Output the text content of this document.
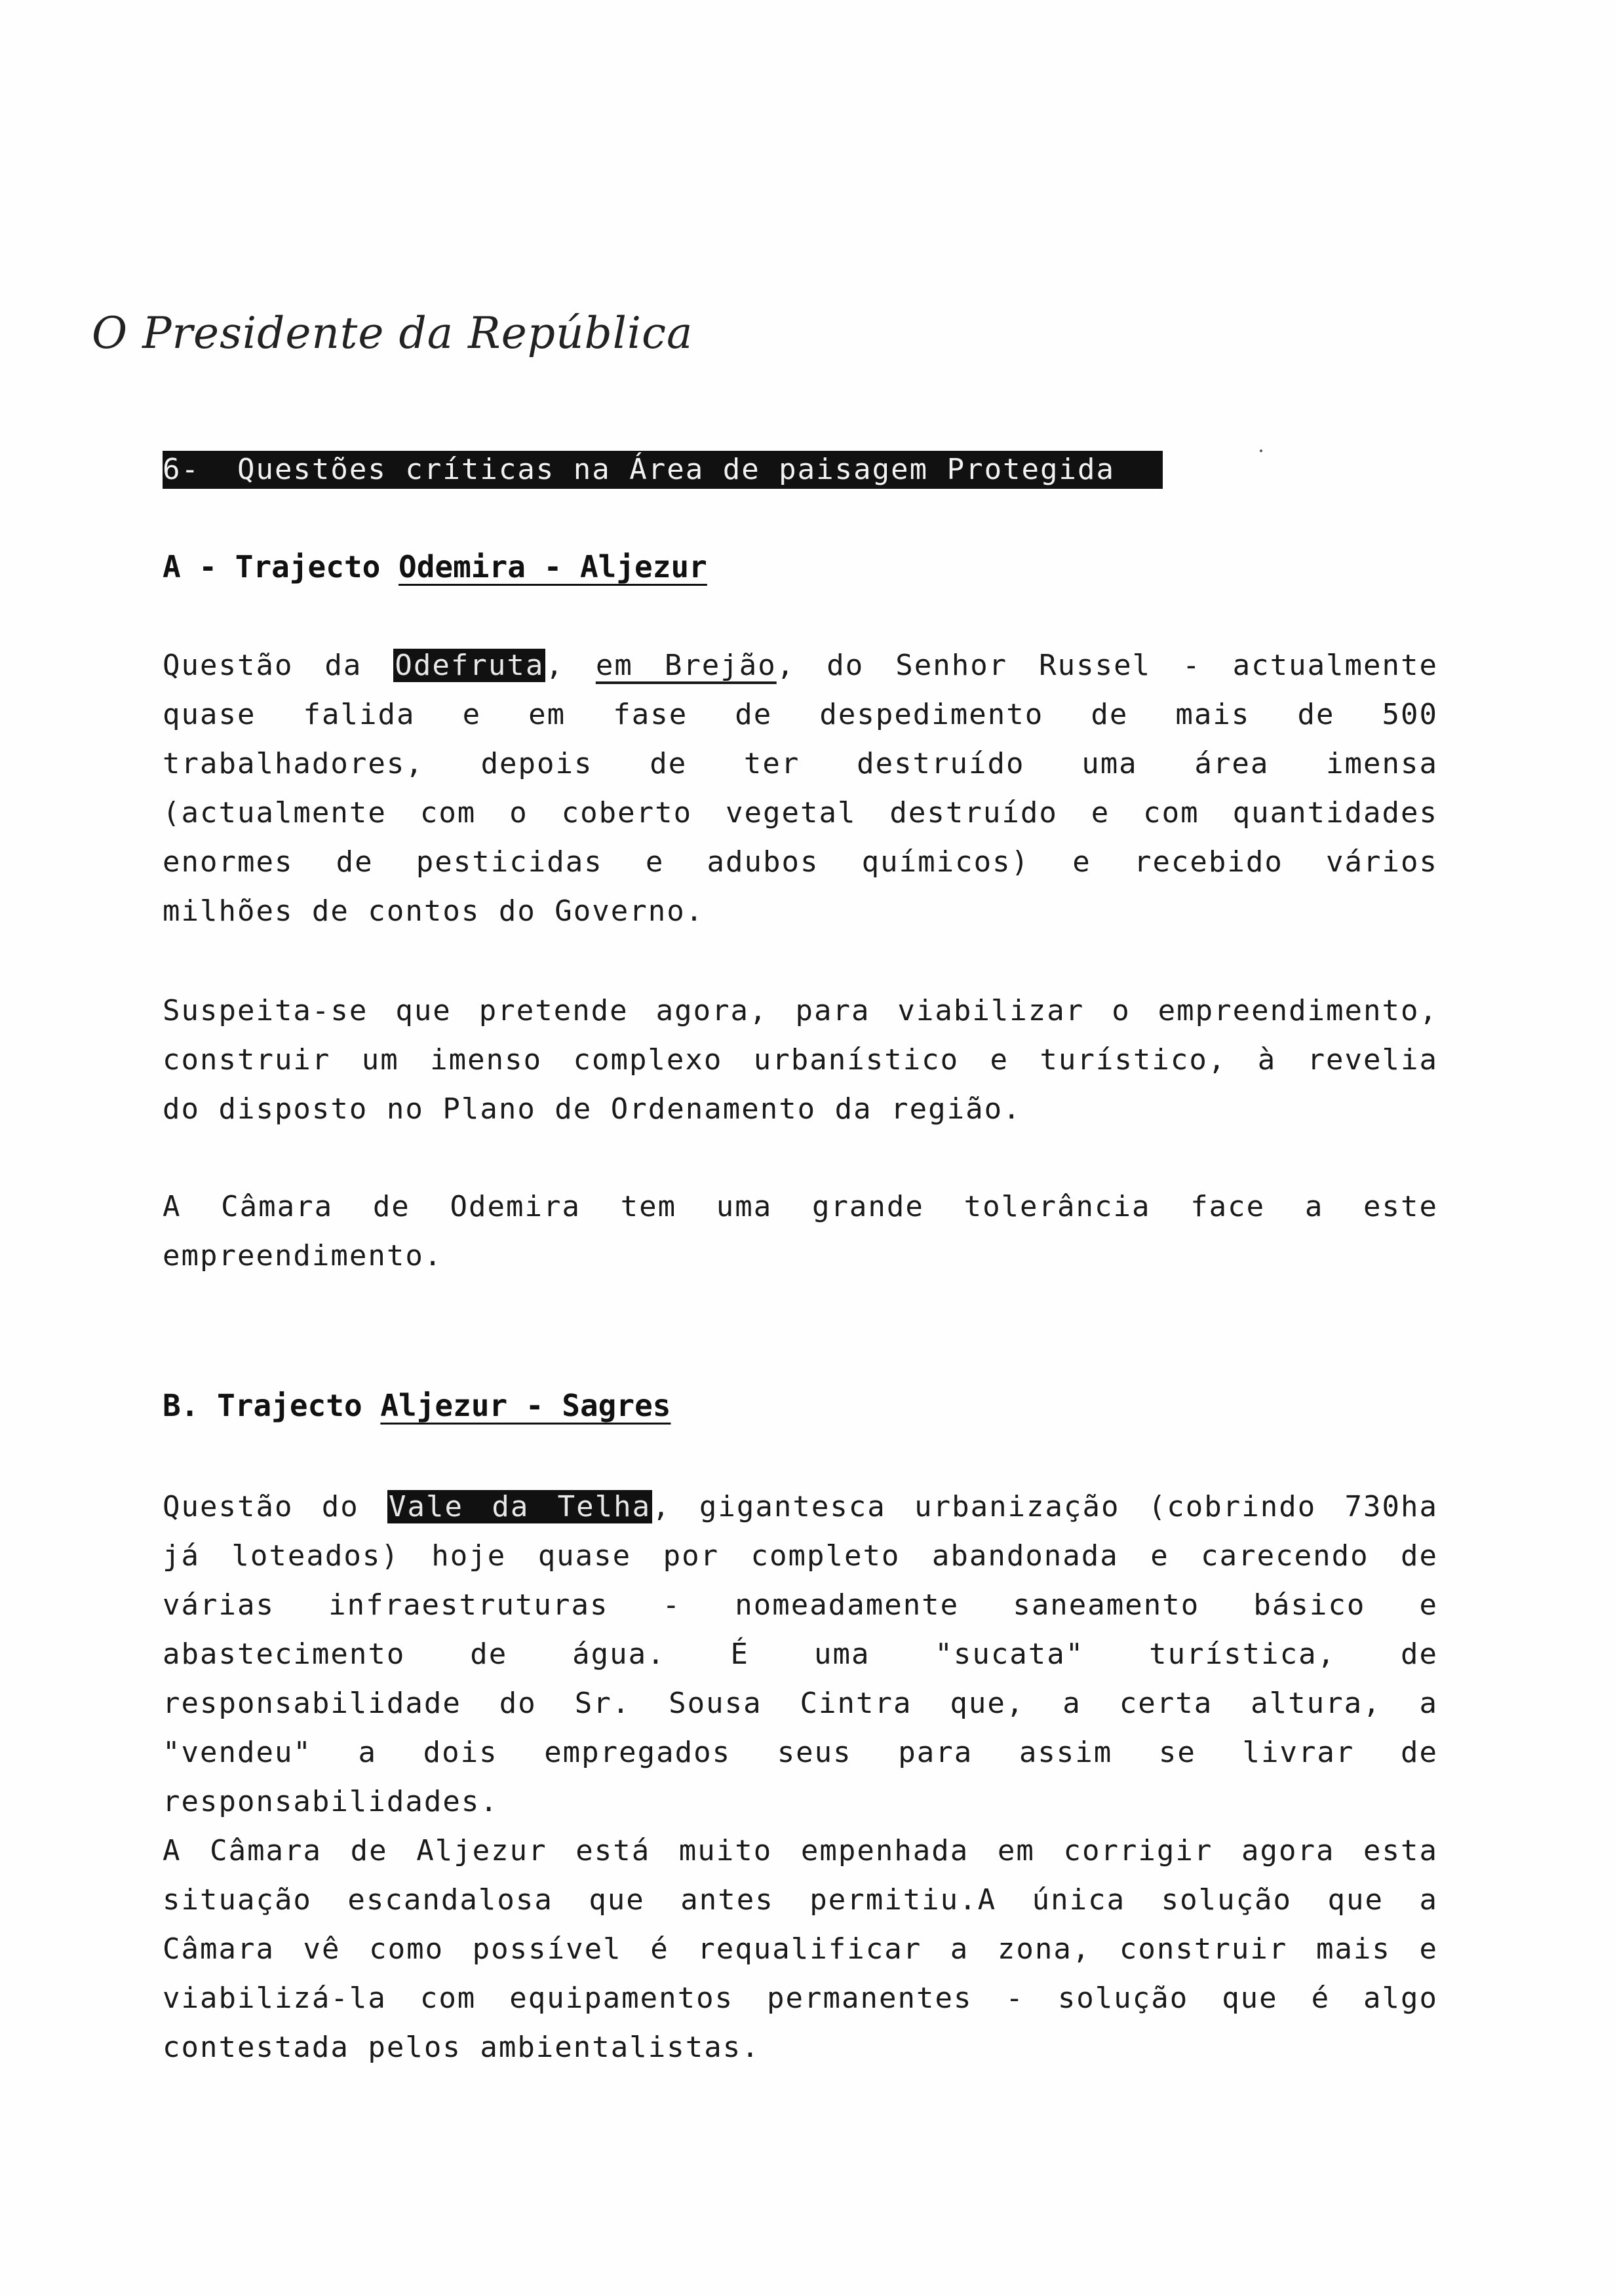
O Presidente da República
6-  Questões críticas na Área de paisagem Protegida
A - Trajecto Odemira - Aljezur
Questão da Odefruta, em Brejão, do Senhor Russel - actualmente
quase falida e em fase de despedimento de mais de 500
trabalhadores, depois de ter destruído uma área imensa
(actualmente com o coberto vegetal destruído e com quantidades
enormes de pesticidas e adubos químicos) e recebido vários
milhões de contos do Governo.
Suspeita-se que pretende agora, para viabilizar o empreendimento,
construir um imenso complexo urbanístico e turístico, à revelia
do disposto no Plano de Ordenamento da região.
A Câmara de Odemira tem uma grande tolerância face a este
empreendimento.
B. Trajecto Aljezur - Sagres
Questão do Vale da Telha, gigantesca urbanização (cobrindo 730ha
já loteados) hoje quase por completo abandonada e carecendo de
várias infraestruturas - nomeadamente saneamento básico e
abastecimento de água. É uma "sucata" turística, de
responsabilidade do Sr. Sousa Cintra que, a certa altura, a
"vendeu" a dois empregados seus para assim se livrar de
responsabilidades.
A Câmara de Aljezur está muito empenhada em corrigir agora esta
situação escandalosa que antes permitiu.A única solução que a
Câmara vê como possível é requalificar a zona, construir mais e
viabilizá-la com equipamentos permanentes - solução que é algo
contestada pelos ambientalistas.
